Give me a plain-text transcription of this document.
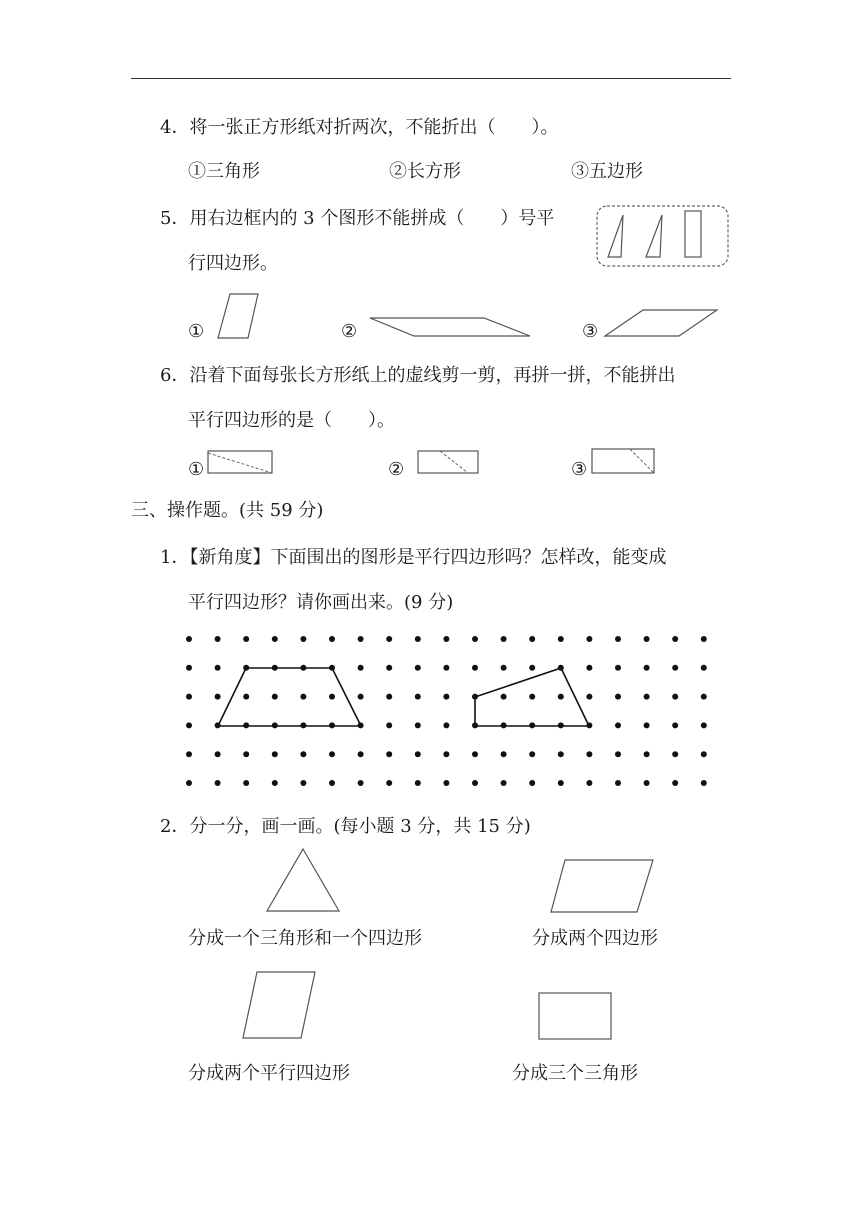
4．将一张正方形纸对折两次，不能折出（　　）。
①三角形	②长方形	③五边形
5．用右边框内的 3 个图形不能拼成（　　）号平
行四边形。
①	②	③
6．沿着下面每张长方形纸上的虚线剪一剪，再拼一拼，不能拼出
平行四边形的是（　　）。
①	②	③
三、操作题。(共 59 分)
1．【新角度】下面围出的图形是平行四边形吗？怎样改，能变成
平行四边形？请你画出来。(9 分)
2．分一分，画一画。(每小题 3 分，共 15 分)
分成一个三角形和一个四边形	分成两个四边形
分成两个平行四边形	分成三个三角形
